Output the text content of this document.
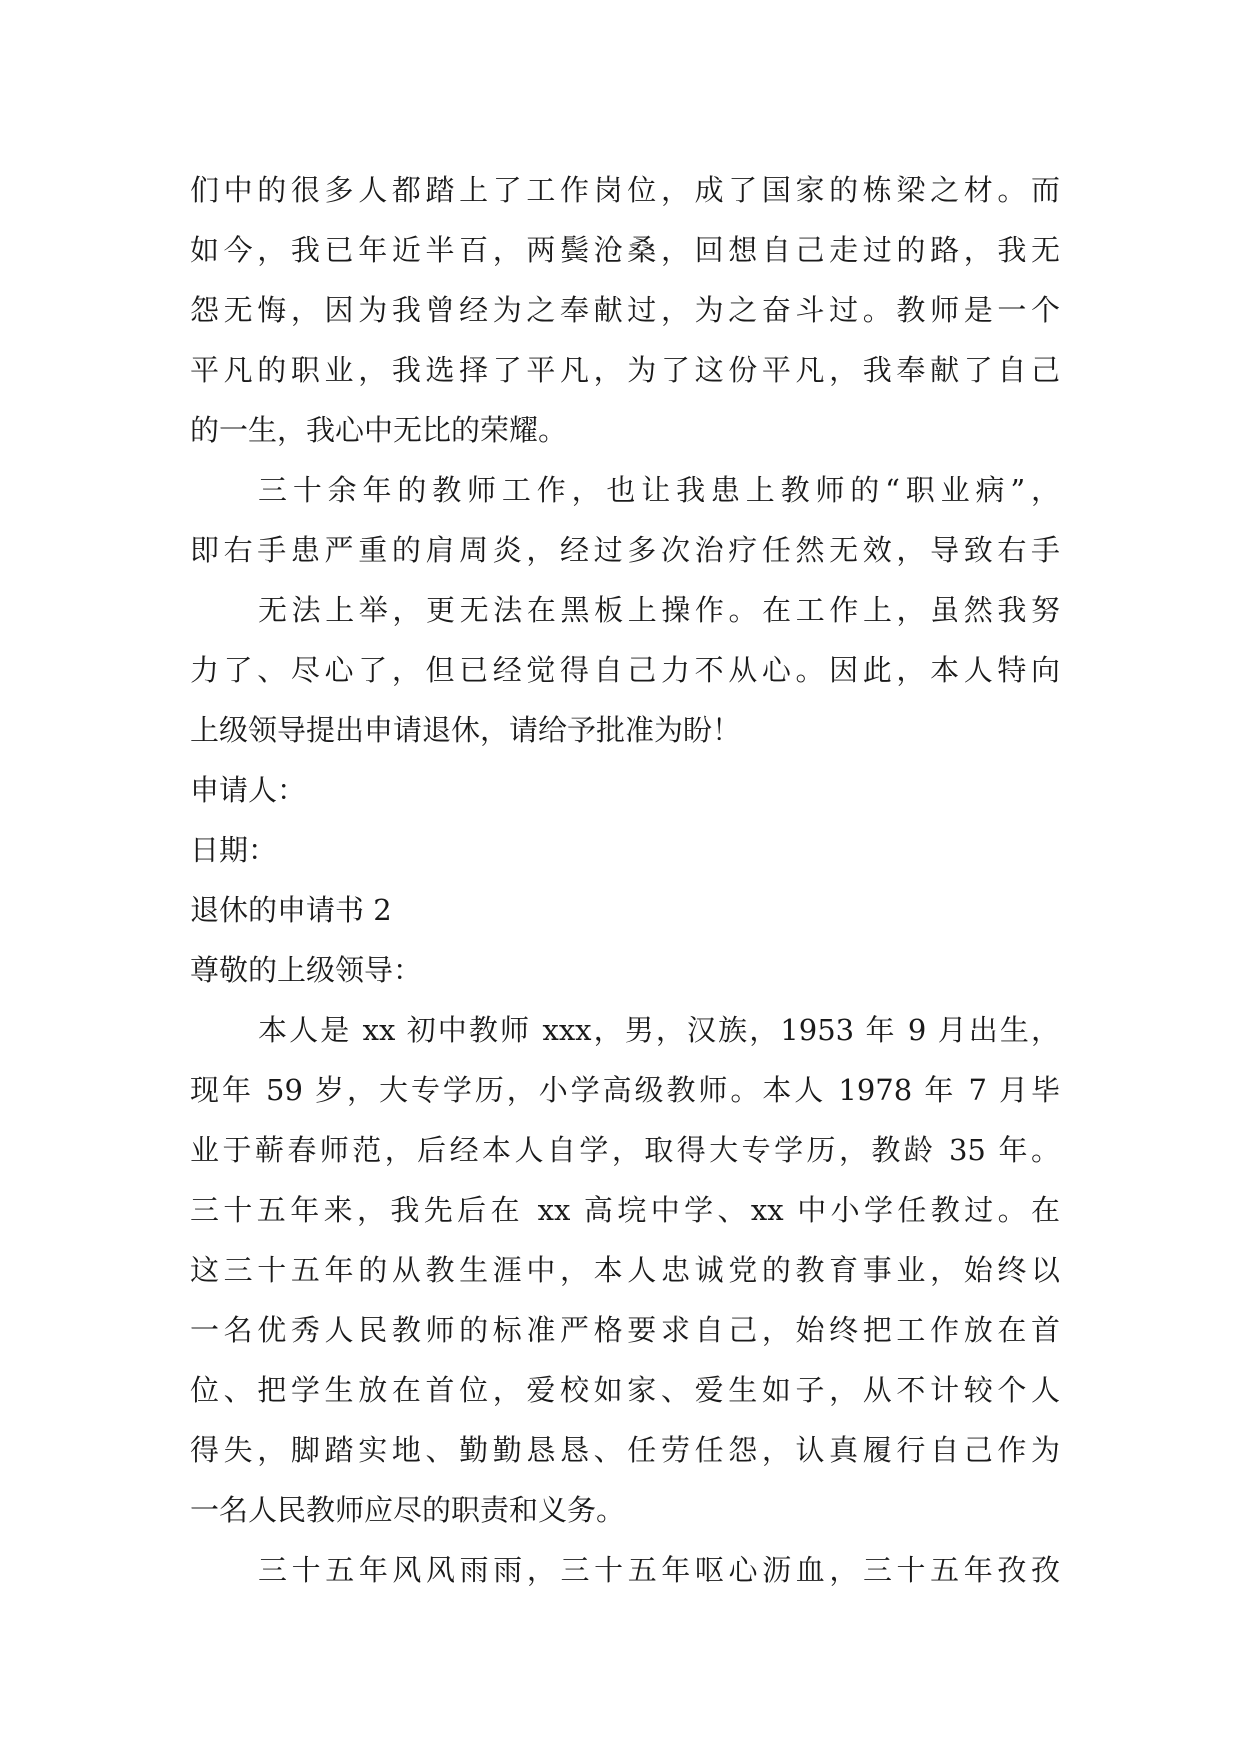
们中的很多人都踏上了工作岗位，成了国家的栋梁之材。而
如今，我已年近半百，两鬓沧桑，回想自己走过的路，我无
怨无悔，因为我曾经为之奉献过，为之奋斗过。教师是一个
平凡的职业，我选择了平凡，为了这份平凡，我奉献了自己
的一生，我心中无比的荣耀。
三十余年的教师工作，也让我患上教师的“职业病”，
即右手患严重的肩周炎，经过多次治疗任然无效，导致右手
无法上举，更无法在黑板上操作。在工作上，虽然我努
力了、尽心了，但已经觉得自己力不从心。因此，本人特向
上级领导提出申请退休，请给予批准为盼！
申请人：
日期：
退休的申请书 2
尊敬的上级领导：
本人是 xx 初中教师 xxx，男，汉族，1953 年 9 月出生，
现年 59 岁，大专学历，小学高级教师。本人 1978 年 7 月毕
业于蕲春师范，后经本人自学，取得大专学历，教龄 35 年。
三十五年来，我先后在 xx 高垸中学、xx 中小学任教过。在
这三十五年的从教生涯中，本人忠诚党的教育事业，始终以
一名优秀人民教师的标准严格要求自己，始终把工作放在首
位、把学生放在首位，爱校如家、爱生如子，从不计较个人
得失，脚踏实地、勤勤恳恳、任劳任怨，认真履行自己作为
一名人民教师应尽的职责和义务。
三十五年风风雨雨，三十五年呕心沥血，三十五年孜孜
